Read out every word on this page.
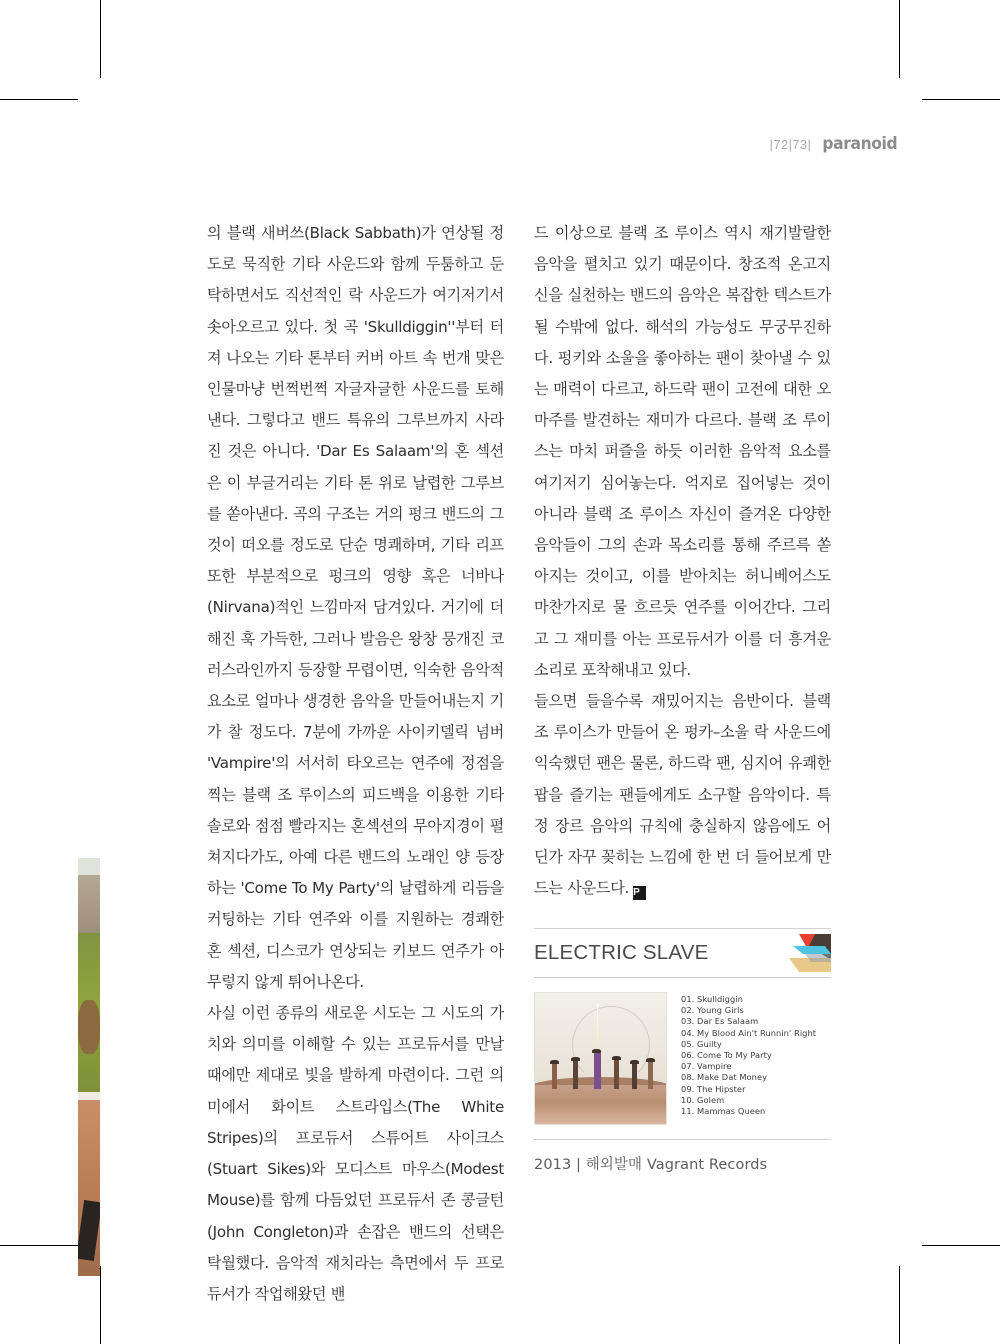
|72|73| paranoid

의 블랙 새버쓰(Black Sabbath)가 연상될 정도로 묵직한 기타 사운드와 함께 두툼하고 둔탁하면서도 직선적인 락 사운드가 여기저기서 솟아오르고 있다. 첫 곡 'Skulldiggin''부터 터져 나오는 기타 톤부터 커버 아트 속 번개 맞은 인물마냥 번쩍번쩍 자글자글한 사운드를 토해낸다. 그렇다고 밴드 특유의 그루브까지 사라진 것은 아니다. 'Dar Es Salaam'의 혼 섹션은 이 부글거리는 기타 톤 위로 날렵한 그루브를 쏟아낸다. 곡의 구조는 거의 펑크 밴드의 그것이 떠오를 정도로 단순 명쾌하며, 기타 리프 또한 부분적으로 펑크의 영향 혹은 너바나(Nirvana)적인 느낌마저 담겨있다. 거기에 더해진 훅 가득한, 그러나 발음은 왕창 뭉개진 코러스라인까지 등장할 무렵이면, 익숙한 음악적 요소로 얼마나 생경한 음악을 만들어내는지 기가 찰 정도다. 7분에 가까운 사이키델릭 넘버 'Vampire'의 서서히 타오르는 연주에 정점을 찍는 블랙 조 루이스의 피드백을 이용한 기타 솔로와 점점 빨라지는 혼섹션의 무아지경이 펼쳐지다가도, 아예 다른 밴드의 노래인 양 등장하는 'Come To My Party'의 날렵하게 리듬을 커팅하는 기타 연주와 이를 지원하는 경쾌한 혼 섹션, 디스코가 연상되는 키보드 연주가 아무렇지 않게 튀어나온다.

사실 이런 종류의 새로운 시도는 그 시도의 가치와 의미를 이해할 수 있는 프로듀서를 만날 때에만 제대로 빛을 발하게 마련이다. 그런 의미에서 화이트 스트라입스(The White Stripes)의 프로듀서 스튜어트 사이크스(Stuart Sikes)와 모디스트 마우스(Modest Mouse)를 함께 다듬었던 프로듀서 존 콩글턴(John Congleton)과 손잡은 밴드의 선택은 탁월했다. 음악적 재치라는 측면에서 두 프로듀서가 작업해왔던 밴

드 이상으로 블랙 조 루이스 역시 재기발랄한 음악을 펼치고 있기 때문이다. 창조적 온고지신을 실천하는 밴드의 음악은 복잡한 텍스트가 될 수밖에 없다. 해석의 가능성도 무궁무진하다. 펑키와 소울을 좋아하는 팬이 찾아낼 수 있는 매력이 다르고, 하드락 팬이 고전에 대한 오마주를 발견하는 재미가 다르다. 블랙 조 루이스는 마치 퍼즐을 하듯 이러한 음악적 요소를 여기저기 심어놓는다. 억지로 집어넣는 것이 아니라 블랙 조 루이스 자신이 즐겨온 다양한 음악들이 그의 손과 목소리를 통해 주르륵 쏟아지는 것이고, 이를 받아치는 허니베어스도 마찬가지로 물 흐르듯 연주를 이어간다. 그리고 그 재미를 아는 프로듀서가 이를 더 흥겨운 소리로 포착해내고 있다.

들으면 들을수록 재밌어지는 음반이다. 블랙 조 루이스가 만들어 온 펑카–소울 락 사운드에 익숙했던 팬은 물론, 하드락 팬, 심지어 유쾌한 팝을 즐기는 팬들에게도 소구할 음악이다. 특정 장르 음악의 규칙에 충실하지 않음에도 어딘가 자꾸 꽂히는 느낌에 한 번 더 들어보게 만드는 사운드다. P

ELECTRIC SLAVE
01. Skulldiggin
02. Young Girls
03. Dar Es Salaam
04. My Blood Ain't Runnin' Right
05. Guilty
06. Come To My Party
07. Vampire
08. Make Dat Money
09. The Hipster
10. Golem
11. Mammas Queen
2013 | 해외발매 Vagrant Records
